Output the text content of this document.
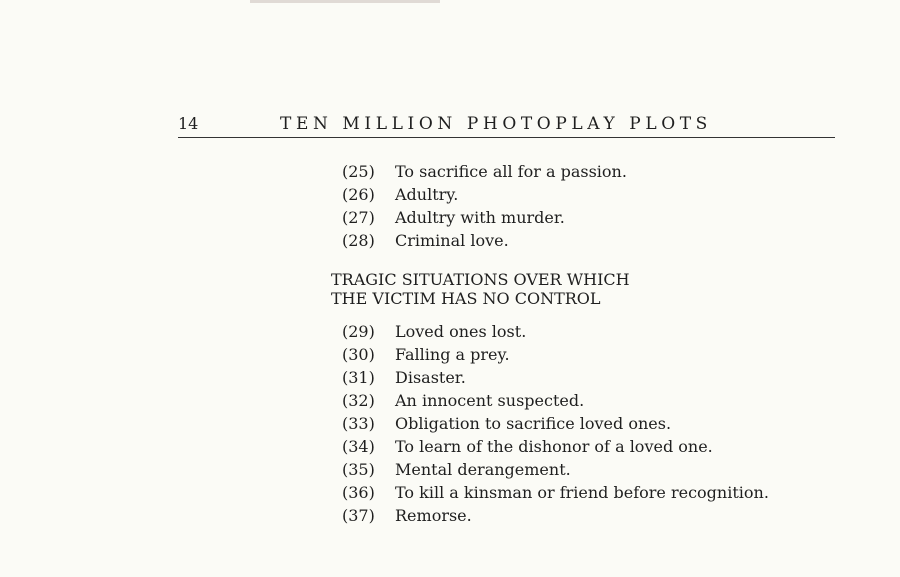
14	TEN MILLION PHOTOPLAY PLOTS
(25) To sacrifice all for a passion.
(26) Adultry.
(27) Adultry with murder.
(28) Criminal love.
TRAGIC SITUATIONS OVER WHICH
THE VICTIM HAS NO CONTROL
(29) Loved ones lost.
(30) Falling a prey.
(31) Disaster.
(32) An innocent suspected.
(33) Obligation to sacrifice loved ones.
(34) To learn of the dishonor of a loved one.
(35) Mental derangement.
(36) To kill a kinsman or friend before recognition.
(37) Remorse.
